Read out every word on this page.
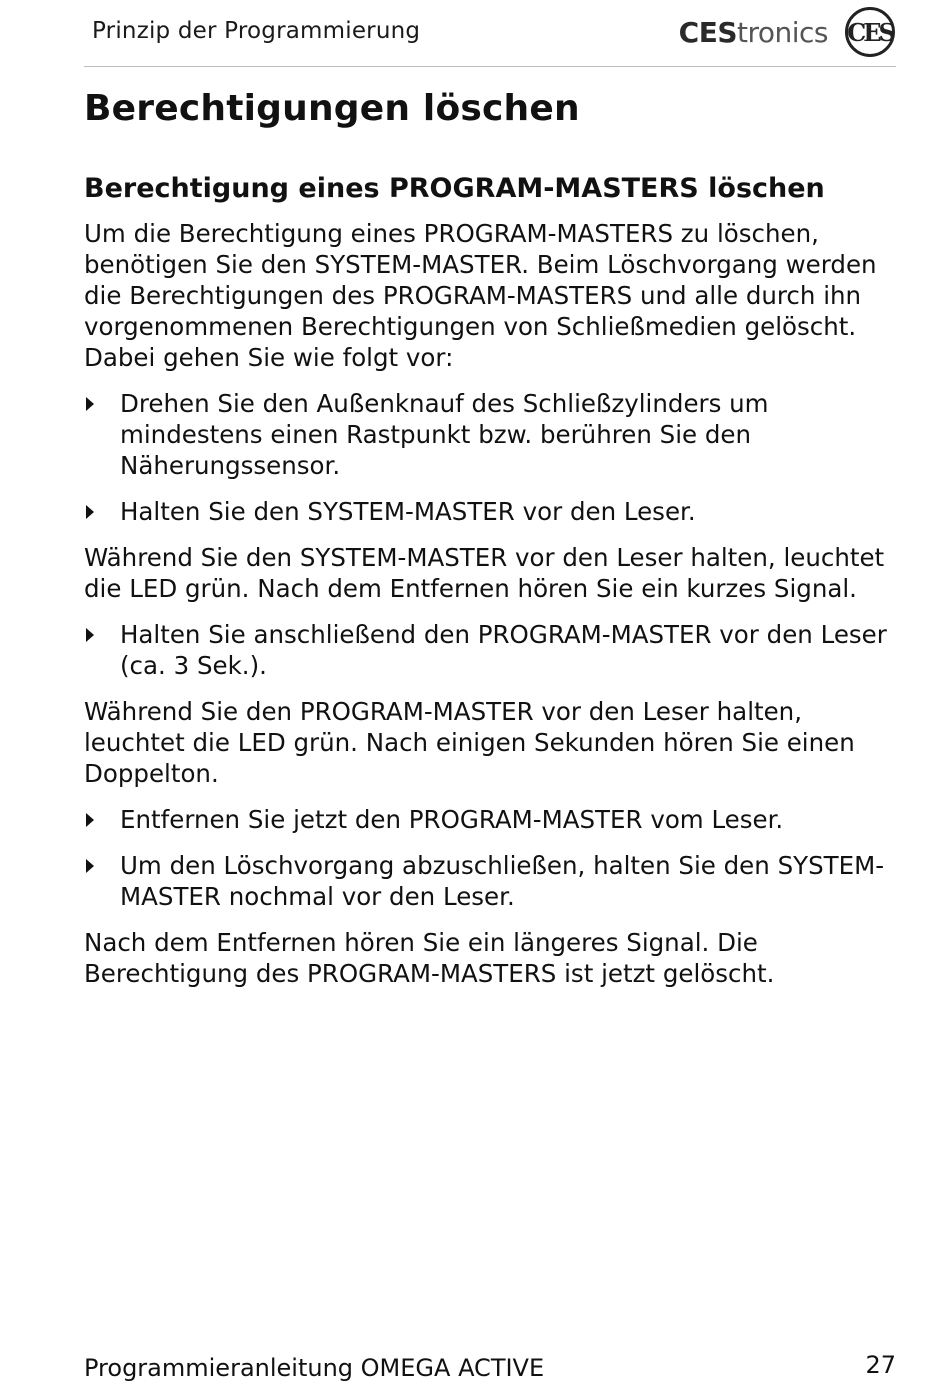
Prinzip der Programmierung	CEStronics CES
Berechtigungen löschen
Berechtigung eines PROGRAM-MASTERS löschen

Um die Berechtigung eines PROGRAM-MASTERS zu löschen, benötigen Sie den SYSTEM-MASTER. Beim Löschvorgang werden die Berechtigungen des PROGRAM-MASTERS und alle durch ihn vorgenommenen Berechtigungen von Schließmedien gelöscht. Dabei gehen Sie wie folgt vor:

Drehen Sie den Außenknauf des Schließzylinders um mindestens einen Rastpunkt bzw. berühren Sie den Näherungssensor.
Halten Sie den SYSTEM-MASTER vor den Leser.

Während Sie den SYSTEM-MASTER vor den Leser halten, leuchtet die LED grün. Nach dem Entfernen hören Sie ein kurzes Signal.

Halten Sie anschließend den PROGRAM-MASTER vor den Leser (ca. 3 Sek.).

Während Sie den PROGRAM-MASTER vor den Leser halten, leuchtet die LED grün. Nach einigen Sekunden hören Sie einen Doppelton.

Entfernen Sie jetzt den PROGRAM-MASTER vom Leser.
Um den Löschvorgang abzuschließen, halten Sie den SYSTEM-MASTER nochmal vor den Leser.

Nach dem Entfernen hören Sie ein längeres Signal. Die Berechtigung des PROGRAM-MASTERS ist jetzt gelöscht.

Programmieranleitung OMEGA ACTIVE	27
